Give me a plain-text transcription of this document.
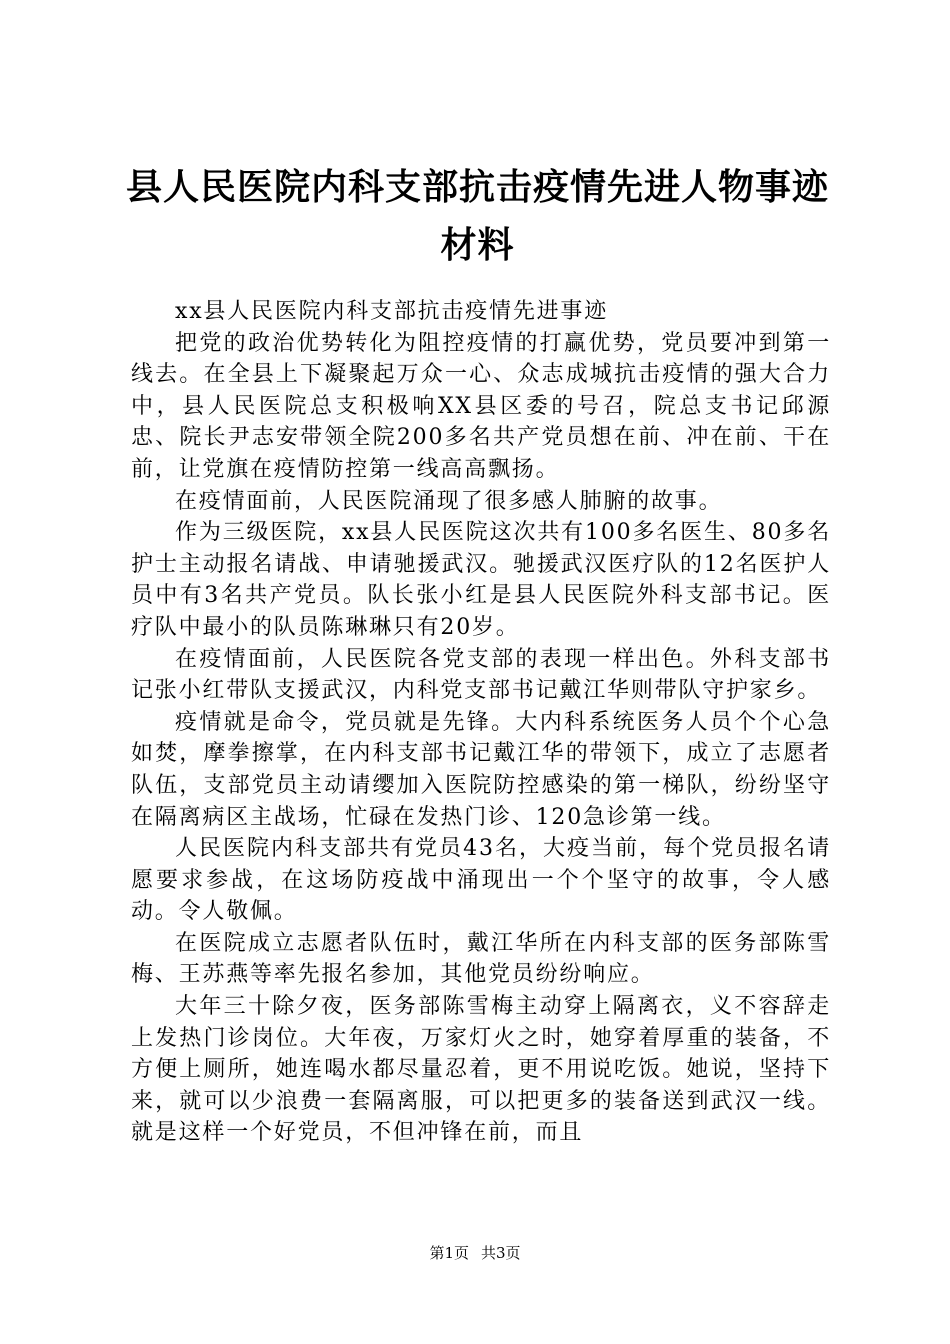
县人民医院内科支部抗击疫情先进人物事迹材料

xx县人民医院内科支部抗击疫情先进事迹

把党的政治优势转化为阻控疫情的打赢优势，党员要冲到第一线去。在全县上下凝聚起万众一心、众志成城抗击疫情的强大合力中，县人民医院总支积极响XX县区委的号召，院总支书记邱源忠、院长尹志安带领全院200多名共产党员想在前、冲在前、干在前，让党旗在疫情防控第一线高高飘扬。

在疫情面前，人民医院涌现了很多感人肺腑的故事。

作为三级医院，xx县人民医院这次共有100多名医生、80多名护士主动报名请战、申请驰援武汉。驰援武汉医疗队的12名医护人员中有3名共产党员。队长张小红是县人民医院外科支部书记。医疗队中最小的队员陈琳琳只有20岁。

在疫情面前，人民医院各党支部的表现一样出色。外科支部书记张小红带队支援武汉，内科党支部书记戴江华则带队守护家乡。

疫情就是命令，党员就是先锋。大内科系统医务人员个个心急如焚，摩拳擦掌，在内科支部书记戴江华的带领下，成立了志愿者队伍，支部党员主动请缨加入医院防控感染的第一梯队，纷纷坚守在隔离病区主战场，忙碌在发热门诊、120急诊第一线。

人民医院内科支部共有党员43名，大疫当前，每个党员报名请愿要求参战，在这场防疫战中涌现出一个个坚守的故事，令人感动。令人敬佩。

在医院成立志愿者队伍时，戴江华所在内科支部的医务部陈雪梅、王苏燕等率先报名参加，其他党员纷纷响应。

大年三十除夕夜，医务部陈雪梅主动穿上隔离衣，义不容辞走上发热门诊岗位。大年夜，万家灯火之时，她穿着厚重的装备，不方便上厕所，她连喝水都尽量忍着，更不用说吃饭。她说，坚持下来，就可以少浪费一套隔离服，可以把更多的装备送到武汉一线。就是这样一个好党员，不但冲锋在前，而且

第1页 共3页
